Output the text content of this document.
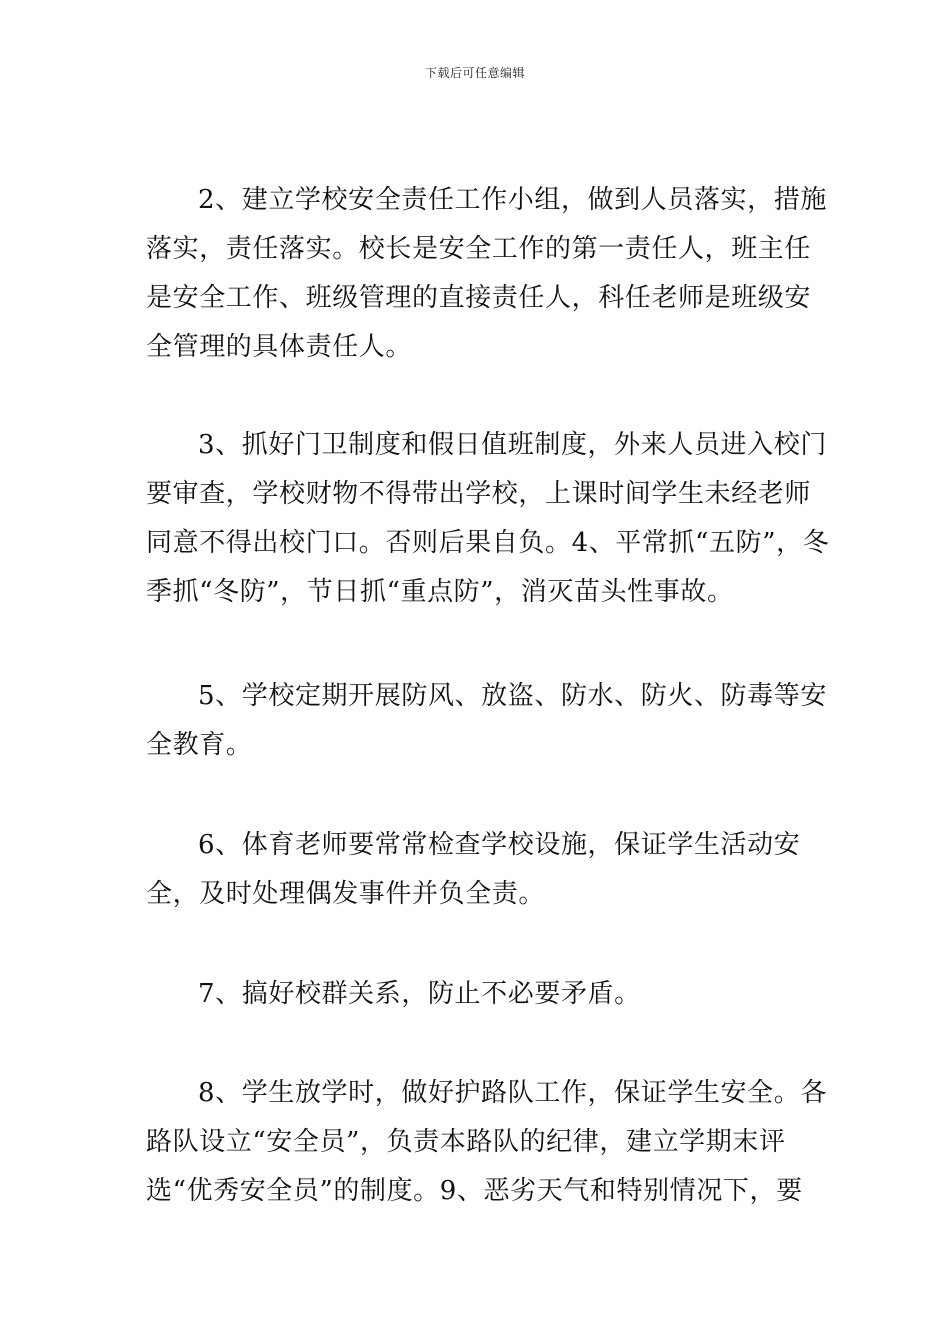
下载后可任意编辑

2、建立学校安全责任工作小组，做到人员落实，措施落实，责任落实。校长是安全工作的第一责任人，班主任是安全工作、班级管理的直接责任人，科任老师是班级安全管理的具体责任人。

3、抓好门卫制度和假日值班制度，外来人员进入校门要审查，学校财物不得带出学校，上课时间学生未经老师同意不得出校门口。否则后果自负。4、平常抓“五防”，冬季抓“冬防”，节日抓“重点防”，消灭苗头性事故。

5、学校定期开展防风、放盗、防水、防火、防毒等安全教育。

6、体育老师要常常检查学校设施，保证学生活动安全，及时处理偶发事件并负全责。

7、搞好校群关系，防止不必要矛盾。

8、学生放学时，做好护路队工作，保证学生安全。各路队设立“安全员”，负责本路队的纪律，建立学期末评选“优秀安全员”的制度。9、恶劣天气和特别情况下，要
